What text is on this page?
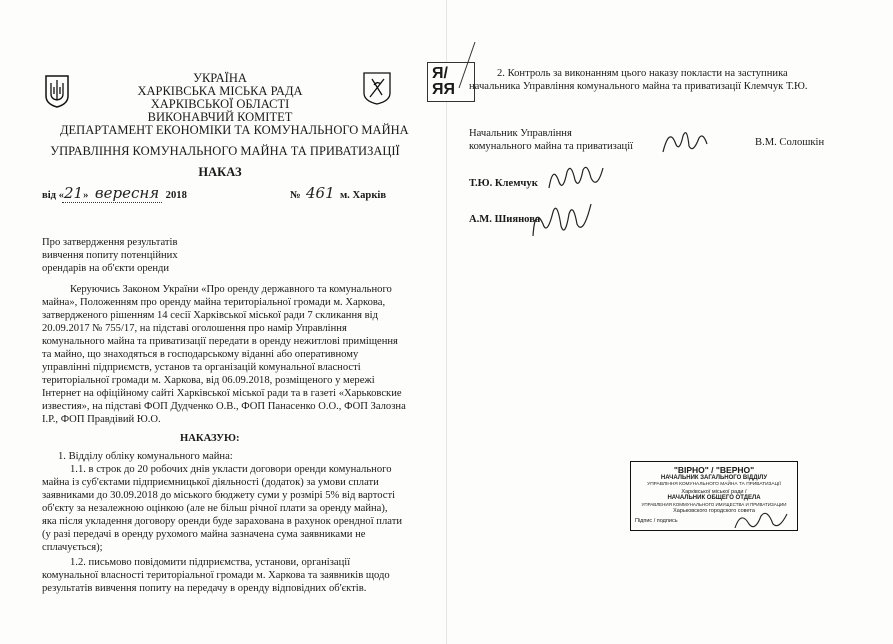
УКРАЇНА
ХАРКІВСЬКА МІСЬКА РАДА
ХАРКІВСЬКОЇ ОБЛАСТІ
ВИКОНАВЧИЙ КОМІТЕТ
ДЕПАРТАМЕНТ ЕКОНОМІКИ ТА КОМУНАЛЬНОГО МАЙНА
УПРАВЛІННЯ КОМУНАЛЬНОГО МАЙНА ТА ПРИВАТИЗАЦІЇ
НАКАЗ
від «21» вересня 2018	№ 461 м. Харків
Про затвердження результатів
вивчення попиту потенційних
орендарів на об'єкти оренди
Керуючись Законом України «Про оренду державного та комунального
майна», Положенням про оренду майна територіальної громади м. Харкова,
затвердженого рішенням 14 сесії Харківської міської ради 7 скликання від
20.09.2017 № 755/17, на підставі оголошення про намір Управління
комунального майна та приватизації передати в оренду нежитлові приміщення
та майно, що знаходяться в господарському віданні або оперативному
управлінні підприємств, установ та організацій комунальної власності
територіальної громади м. Харкова, від 06.09.2018, розміщеного у мережі
Інтернет на офіційному сайті Харківської міської ради та в газеті «Харьковские
известия», на підставі ФОП Дудченко О.В., ФОП Панасенко О.О., ФОП Залозна
І.Р., ФОП Правдівий Ю.О.
НАКАЗУЮ:
1. Відділу обліку комунального майна:
1.1. в строк до 20 робочих днів укласти договори оренди комунального
майна із суб'єктами підприємницької діяльності (додаток) за умови сплати
заявниками до 30.09.2018 до міського бюджету суми у розмірі 5% від вартості
об'єкту за незалежною оцінкою (але не більш річної плати за оренду майна),
яка після укладення договору оренди буде зарахована в рахунок орендної плати
(у разі передачі в оренду рухомого майна зазначена сума заявниками не
сплачується);
1.2. письмово повідомити підприємства, установи, організації
комунальної власності територіальної громади м. Харкова та заявників щодо
результатів вивчення попиту на передачу в оренду відповідних об'єктів.
Я/
ЯЯ
2. Контроль за виконанням цього наказу покласти на заступника
начальника Управління комунального майна та приватизації Клемчук Т.Ю.
Начальник Управління
комунального майна та приватизації	В.М. Солошкін
Т.Ю. Клемчук
А.М. Шиянова
"ВІРНО" / "ВЕРНО"
НАЧАЛЬНИК ЗАГАЛЬНОГО ВІДДІЛУ
УПРАВЛІННЯ КОМУНАЛЬНОГО МАЙНА ТА ПРИВАТИЗАЦІЇ
Харківської міської ради /
НАЧАЛЬНИК ОБЩЕГО ОТДЕЛА
УПРАВЛЕНИЯ КОММУНАЛЬНОГО ИМУЩЕСТВА И ПРИВАТИЗАЦИИ
Харьковского городского совета
Підпис / подпись
